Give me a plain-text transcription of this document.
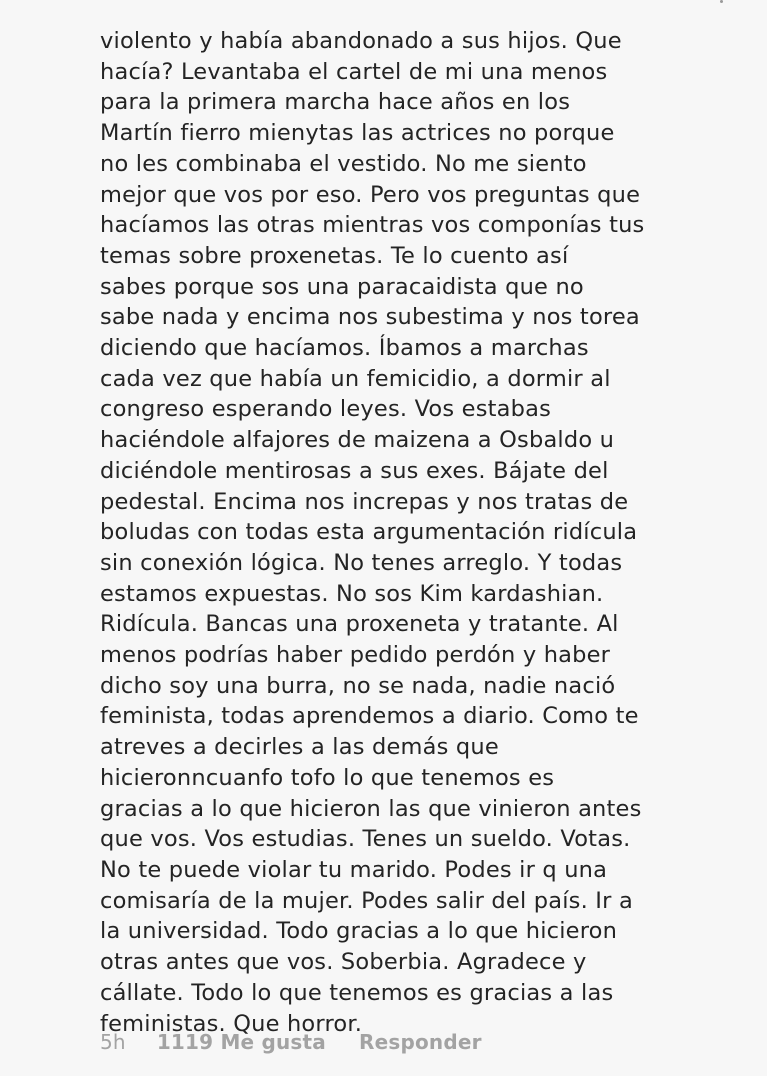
violento y había abandonado a sus hijos. Que
hacía? Levantaba el cartel de mi una menos
para la primera marcha hace años en los
Martín fierro mienytas las actrices no porque
no les combinaba el vestido. No me siento
mejor que vos por eso. Pero vos preguntas que
hacíamos las otras mientras vos componías tus
temas sobre proxenetas. Te lo cuento así
sabes porque sos una paracaidista que no
sabe nada y encima nos subestima y nos torea
diciendo que hacíamos. Íbamos a marchas
cada vez que había un femicidio, a dormir al
congreso esperando leyes. Vos estabas
haciéndole alfajores de maizena a Osbaldo u
diciéndole mentirosas a sus exes. Bájate del
pedestal. Encima nos increpas y nos tratas de
boludas con todas esta argumentación ridícula
sin conexión lógica. No tenes arreglo. Y todas
estamos expuestas. No sos Kim kardashian.
Ridícula. Bancas una proxeneta y tratante. Al
menos podrías haber pedido perdón y haber
dicho soy una burra, no se nada, nadie nació
feminista, todas aprendemos a diario. Como te
atreves a decirles a las demás que
hicieronncuanfo tofo lo que tenemos es
gracias a lo que hicieron las que vinieron antes
que vos. Vos estudias. Tenes un sueldo. Votas.
No te puede violar tu marido. Podes ir q una
comisaría de la mujer. Podes salir del país. Ir a
la universidad. Todo gracias a lo que hicieron
otras antes que vos. Soberbia. Agradece y
cállate. Todo lo que tenemos es gracias a las
feministas. Que horror.

5h 1119 Me gusta Responder
